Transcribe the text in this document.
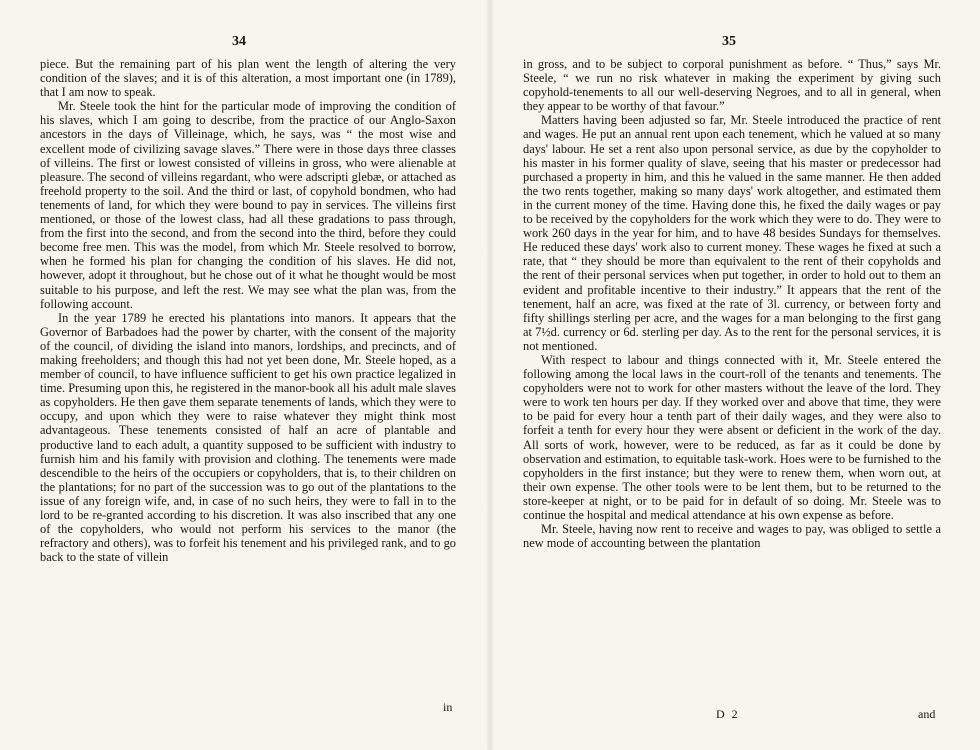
34

piece. But the remaining part of his plan went the length of altering the very condition of the slaves; and it is of this alteration, a most important one (in 1789), that I am now to speak.

Mr. Steele took the hint for the particular mode of improving the condition of his slaves, which I am going to describe, from the practice of our Anglo-Saxon ancestors in the days of Villeinage, which, he says, was “ the most wise and excellent mode of civilizing savage slaves.” There were in those days three classes of villeins. The first or lowest consisted of villeins in gross, who were alienable at pleasure. The second of villeins regardant, who were adscripti glebæ, or attached as freehold property to the soil. And the third or last, of copyhold bondmen, who had tenements of land, for which they were bound to pay in services. The villeins first mentioned, or those of the lowest class, had all these gradations to pass through, from the first into the second, and from the second into the third, before they could become free men. This was the model, from which Mr. Steele resolved to borrow, when he formed his plan for changing the condition of his slaves. He did not, however, adopt it throughout, but he chose out of it what he thought would be most suitable to his purpose, and left the rest. We may see what the plan was, from the following account.

In the year 1789 he erected his plantations into manors. It appears that the Governor of Barbadoes had the power by charter, with the consent of the majority of the council, of dividing the island into manors, lordships, and precincts, and of making freeholders; and though this had not yet been done, Mr. Steele hoped, as a member of council, to have influence sufficient to get his own practice legalized in time. Presuming upon this, he registered in the manor-book all his adult male slaves as copyholders. He then gave them separate tenements of lands, which they were to occupy, and upon which they were to raise whatever they might think most advantageous. These tenements consisted of half an acre of plantable and productive land to each adult, a quantity supposed to be sufficient with industry to furnish him and his family with provision and clothing. The tenements were made descendible to the heirs of the occupiers or copyholders, that is, to their children on the plantations; for no part of the succession was to go out of the plantations to the issue of any foreign wife, and, in case of no such heirs, they were to fall in to the lord to be re-granted according to his discretion. It was also inscribed that any one of the copyholders, who would not perform his services to the manor (the refractory and others), was to forfeit his tenement and his privileged rank, and to go back to the state of villein

in
35

in gross, and to be subject to corporal punishment as before. “ Thus,” says Mr. Steele, “ we run no risk whatever in making the experiment by giving such copyhold-tenements to all our well-deserving Negroes, and to all in general, when they appear to be worthy of that favour.”

Matters having been adjusted so far, Mr. Steele introduced the practice of rent and wages. He put an annual rent upon each tenement, which he valued at so many days' labour. He set a rent also upon personal service, as due by the copyholder to his master in his former quality of slave, seeing that his master or predecessor had purchased a property in him, and this he valued in the same manner. He then added the two rents together, making so many days' work altogether, and estimated them in the current money of the time. Having done this, he fixed the daily wages or pay to be received by the copyholders for the work which they were to do. They were to work 260 days in the year for him, and to have 48 besides Sundays for themselves. He reduced these days' work also to current money. These wages he fixed at such a rate, that “ they should be more than equivalent to the rent of their copyholds and the rent of their personal services when put together, in order to hold out to them an evident and profitable incentive to their industry.” It appears that the rent of the tenement, half an acre, was fixed at the rate of 3l. currency, or between forty and fifty shillings sterling per acre, and the wages for a man belonging to the first gang at 7½d. currency or 6d. sterling per day. As to the rent for the personal services, it is not mentioned.

With respect to labour and things connected with it, Mr. Steele entered the following among the local laws in the court-roll of the tenants and tenements. The copyholders were not to work for other masters without the leave of the lord. They were to work ten hours per day. If they worked over and above that time, they were to be paid for every hour a tenth part of their daily wages, and they were also to forfeit a tenth for every hour they were absent or deficient in the work of the day. All sorts of work, however, were to be reduced, as far as it could be done by observation and estimation, to equitable task-work. Hoes were to be furnished to the copyholders in the first instance; but they were to renew them, when worn out, at their own expense. The other tools were to be lent them, but to be returned to the store-keeper at night, or to be paid for in default of so doing. Mr. Steele was to continue the hospital and medical attendance at his own expense as before.

Mr. Steele, having now rent to receive and wages to pay, was obliged to settle a new mode of accounting between the plantation

D 2	and
